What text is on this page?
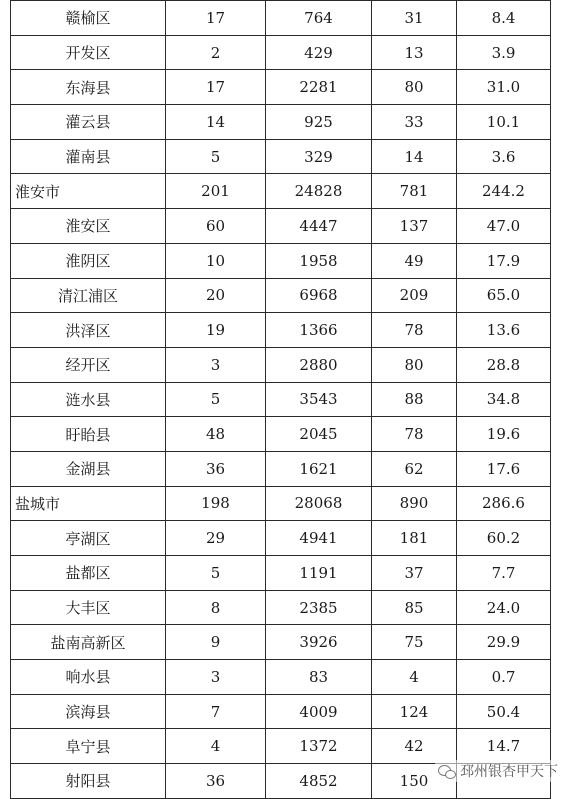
赣榆区	17	764	31	8.4
开发区	2	429	13	3.9
东海县	17	2281	80	31.0
灌云县	14	925	33	10.1
灌南县	5	329	14	3.6
淮安市	201	24828	781	244.2
淮安区	60	4447	137	47.0
淮阴区	10	1958	49	17.9
清江浦区	20	6968	209	65.0
洪泽区	19	1366	78	13.6
经开区	3	2880	80	28.8
涟水县	5	3543	88	34.8
盱眙县	48	2045	78	19.6
金湖县	36	1621	62	17.6
盐城市	198	28068	890	286.6
亭湖区	29	4941	181	60.2
盐都区	5	1191	37	7.7
大丰区	8	2385	85	24.0
盐南高新区	9	3926	75	29.9
响水县	3	83	4	0.7
滨海县	7	4009	124	50.4
阜宁县	4	1372	42	14.7
射阳县	36	4852	150	邳州银杏甲天下
